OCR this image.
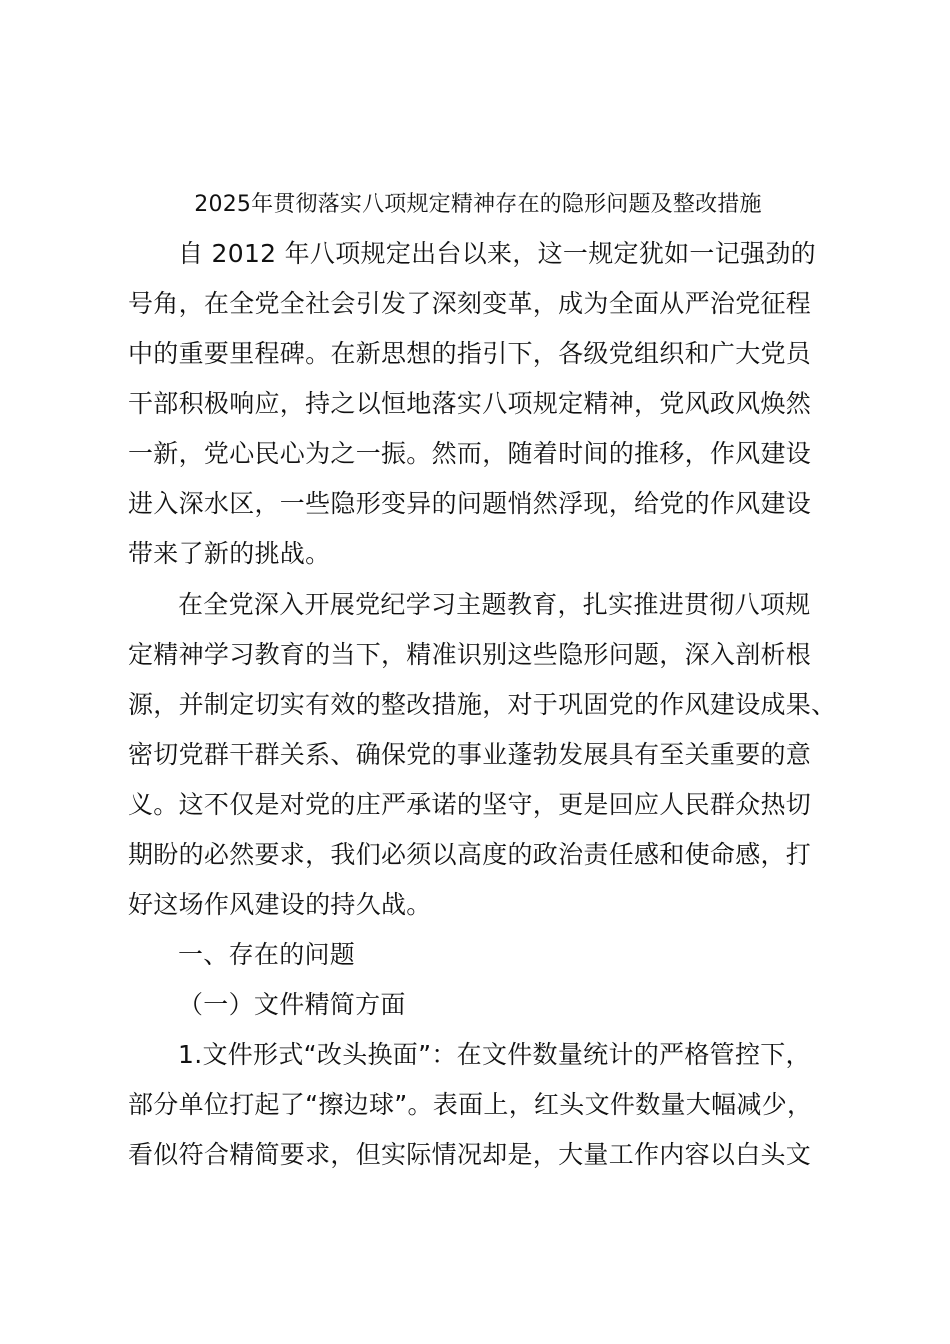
2025年贯彻落实八项规定精神存在的隐形问题及整改措施
自 2012 年八项规定出台以来，这一规定犹如一记强劲的
号角，在全党全社会引发了深刻变革，成为全面从严治党征程
中的重要里程碑。在新思想的指引下，各级党组织和广大党员
干部积极响应，持之以恒地落实八项规定精神，党风政风焕然
一新，党心民心为之一振。然而，随着时间的推移，作风建设
进入深水区，一些隐形变异的问题悄然浮现，给党的作风建设
带来了新的挑战。
在全党深入开展党纪学习主题教育，扎实推进贯彻八项规
定精神学习教育的当下，精准识别这些隐形问题，深入剖析根
源，并制定切实有效的整改措施，对于巩固党的作风建设成果、
密切党群干群关系、确保党的事业蓬勃发展具有至关重要的意
义。这不仅是对党的庄严承诺的坚守，更是回应人民群众热切
期盼的必然要求，我们必须以高度的政治责任感和使命感，打
好这场作风建设的持久战。
一、存在的问题
（一）文件精简方面
1.文件形式“改头换面”：在文件数量统计的严格管控下，
部分单位打起了“擦边球”。表面上，红头文件数量大幅减少，
看似符合精简要求，但实际情况却是，大量工作内容以白头文
